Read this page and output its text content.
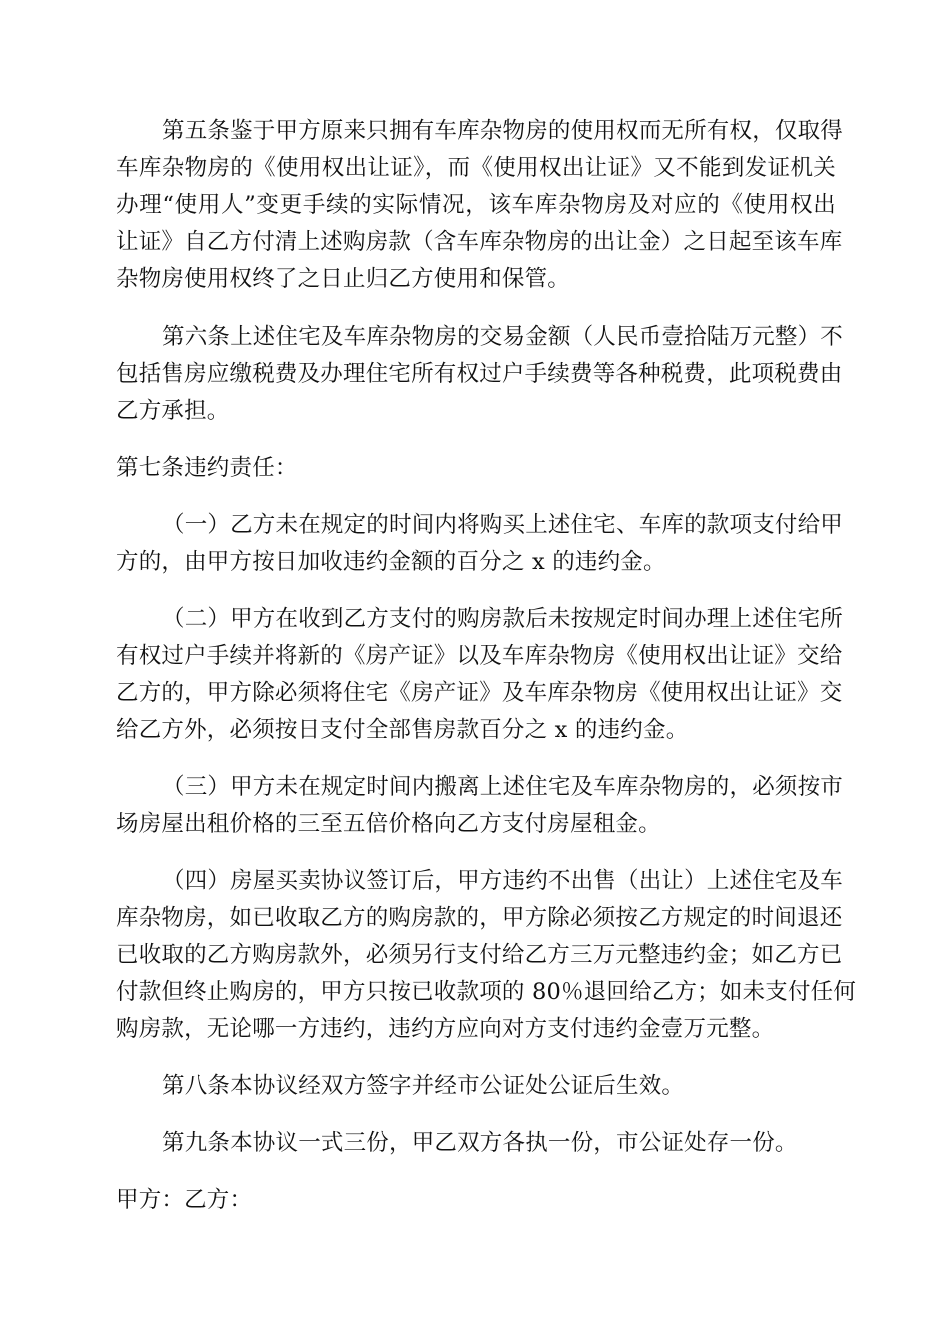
第五条鉴于甲方原来只拥有车库杂物房的使用权而无所有权，仅取得
车库杂物房的《使用权出让证》，而《使用权出让证》又不能到发证机关
办理“使用人”变更手续的实际情况，该车库杂物房及对应的《使用权出
让证》自乙方付清上述购房款（含车库杂物房的出让金）之日起至该车库
杂物房使用权终了之日止归乙方使用和保管。
第六条上述住宅及车库杂物房的交易金额（人民币壹拾陆万元整）不
包括售房应缴税费及办理住宅所有权过户手续费等各种税费，此项税费由
乙方承担。
第七条违约责任：
（一）乙方未在规定的时间内将购买上述住宅、车库的款项支付给甲
方的，由甲方按日加收违约金额的百分之 x 的违约金。
（二）甲方在收到乙方支付的购房款后未按规定时间办理上述住宅所
有权过户手续并将新的《房产证》以及车库杂物房《使用权出让证》交给
乙方的，甲方除必须将住宅《房产证》及车库杂物房《使用权出让证》交
给乙方外，必须按日支付全部售房款百分之 x 的违约金。
（三）甲方未在规定时间内搬离上述住宅及车库杂物房的，必须按市
场房屋出租价格的三至五倍价格向乙方支付房屋租金。
（四）房屋买卖协议签订后，甲方违约不出售（出让）上述住宅及车
库杂物房，如已收取乙方的购房款的，甲方除必须按乙方规定的时间退还
已收取的乙方购房款外，必须另行支付给乙方三万元整违约金；如乙方已
付款但终止购房的，甲方只按已收款项的 80％退回给乙方；如未支付任何
购房款，无论哪一方违约，违约方应向对方支付违约金壹万元整。
第八条本协议经双方签字并经市公证处公证后生效。
第九条本协议一式三份，甲乙双方各执一份，市公证处存一份。
甲方：乙方：
